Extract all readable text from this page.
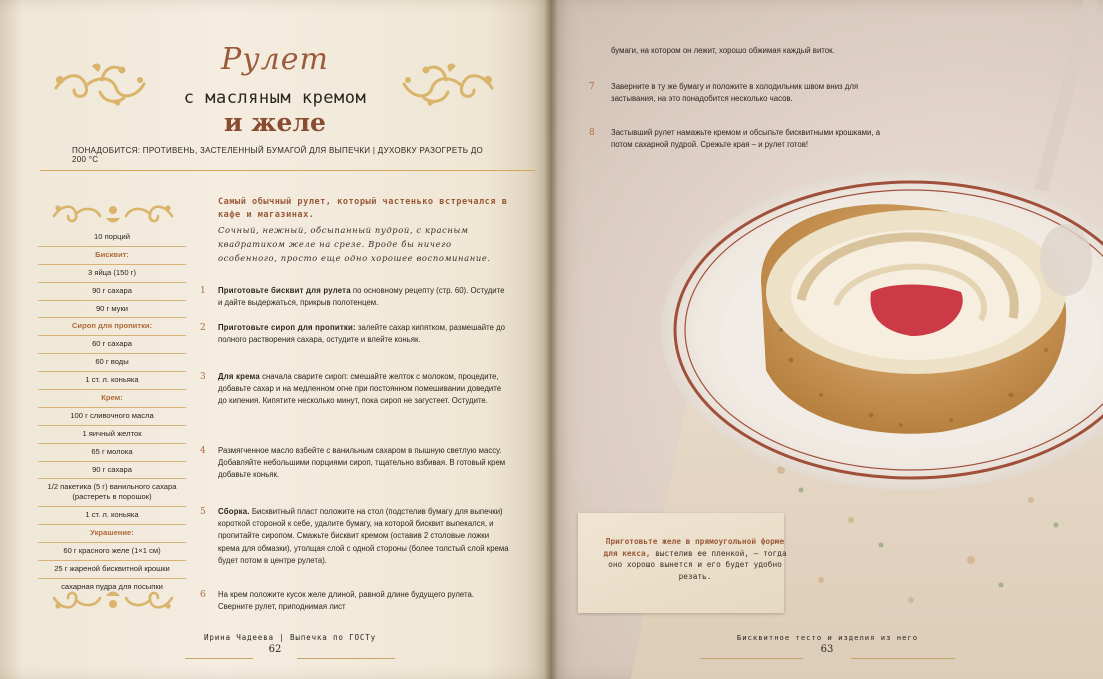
Рулет
с масляным кремом
и желе
ПОНАДОБИТСЯ: ПРОТИВЕНЬ, ЗАСТЕЛЕННЫЙ БУМАГОЙ ДЛЯ ВЫПЕЧКИ | ДУХОВКУ РАЗОГРЕТЬ ДО 200 °С
10 порций
Бисквит:
3 яйца (150 г)
90 г сахара
90 г муки
Сироп для пропитки:
60 г сахара
60 г воды
1 ст. л. коньяка
Крем:
100 г сливочного масла
1 яичный желток
65 г молока
90 г сахара
1/2 пакетика (5 г) ванильного сахара (растереть в порошок)
1 ст. л. коньяка
Украшение:
60 г красного желе (1×1 см)
25 г жареной бисквитной крошки
сахарная пудра для посыпки
Самый обычный рулет, который частенько встречался в кафе и магазинах.
Сочный, нежный, обсыпанный пудрой, с красным квадратиком желе на срезе. Вроде бы ничего особенного, просто еще одно хорошее воспоминание.
1 Приготовьте бисквит для рулета по основному рецепту (стр. 60). Остудите и дайте выдержаться, прикрыв полотенцем.
2 Приготовьте сироп для пропитки: залейте сахар кипятком, размешайте до полного растворения сахара, остудите и влейте коньяк.
3 Для крема сначала сварите сироп: смешайте желток с молоком, процедите, добавьте сахар и на медленном огне при постоянном помешивании доведите до кипения. Кипятите несколько минут, пока сироп не загустеет. Остудите.
4 Размягченное масло взбейте с ванильным сахаром в пышную светлую массу. Добавляйте небольшими порциями сироп, тщательно взбивая. В готовый крем добавьте коньяк.
5 Сборка. Бисквитный пласт положите на стол (подстелив бумагу для выпечки) короткой стороной к себе, удалите бумагу, на которой бисквит выпекался, и пропитайте сиропом. Смажьте бисквит кремом (оставив 2 столовые ложки крема для обмазки), утолщая слой с одной стороны (более толстый слой крема будет потом в центре рулета).
6 На крем положите кусок желе длиной, равной длине будущего рулета. Сверните рулет, приподнимая лист
Ирина Чадеева | Выпечка по ГОСТу
62
бумаги, на котором он лежит, хорошо обжимая каждый виток.
7 Заверните в ту же бумагу и положите в холодильник швом вниз для застывания, на это понадобится несколько часов.
8 Застывший рулет намажьте кремом и обсыпьте бисквитными крошками, а потом сахарной пудрой. Срежьте края – и рулет готов!
Приготовьте желе в прямоугольной форме для кекса, выстелив ее пленкой, – тогда оно хорошо вынется и его будет удобно резать.
Бисквитное тесто и изделия из него
63
